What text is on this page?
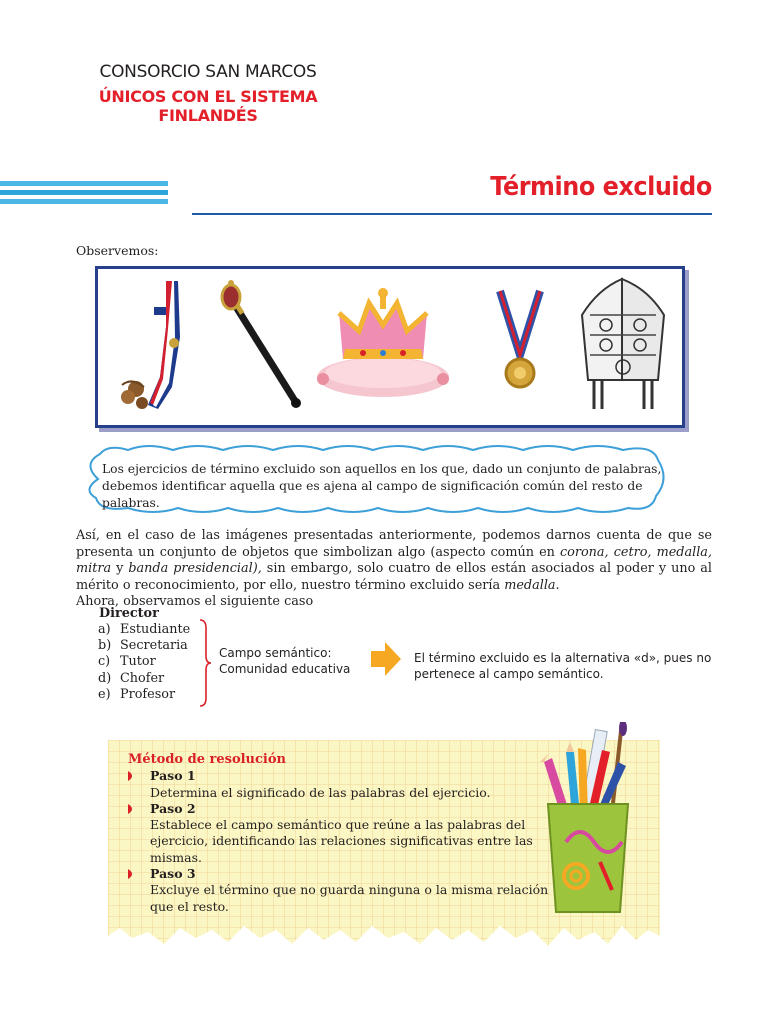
CONSORCIO SAN MARCOS
ÚNICOS CON EL SISTEMA FINLANDÉS
Término excluido
Observemos:
Los ejercicios de término excluido son aquellos en los que, dado un conjunto de palabras, debemos identificar aquella que es ajena al campo de significación común del resto de palabras.

Así, en el caso de las imágenes presentadas anteriormente, podemos darnos cuenta de que se presenta un conjunto de objetos que simbolizan algo (aspecto común en corona, cetro, medalla, mitra y banda presidencial), sin embargo, solo cuatro de ellos están asociados al poder y uno al mérito o reconocimiento, por ello, nuestro término excluido sería medalla.

Ahora, observamos el siguiente caso

Director
a) Estudiante
b) Secretaria
c) Tutor
d) Chofer
e) Profesor
Campo semántico:
Comunidad educativa
El término excluido es la alternativa «d», pues no pertenece al campo semántico.
Método de resolución
Paso 1
Determina el significado de las palabras del ejercicio.
Paso 2
Establece el campo semántico que reúne a las palabras del ejercicio, identificando las relaciones significativas entre las mismas.
Paso 3
Excluye el término que no guarda ninguna o la misma relación que el resto.
